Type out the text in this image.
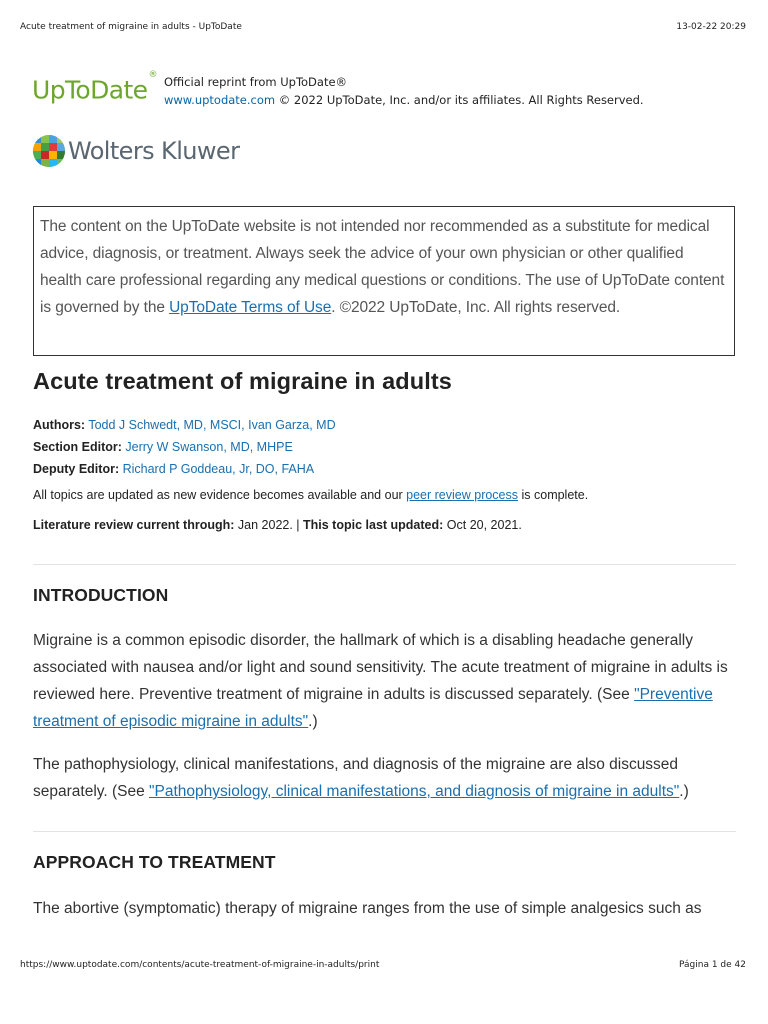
Acute treatment of migraine in adults - UpToDate	13-02-22 20:29
UpToDate® Official reprint from UpToDate®
www.uptodate.com © 2022 UpToDate, Inc. and/or its affiliates. All Rights Reserved.
Wolters Kluwer
The content on the UpToDate website is not intended nor recommended as a substitute for medical advice, diagnosis, or treatment. Always seek the advice of your own physician or other qualified health care professional regarding any medical questions or conditions. The use of UpToDate content is governed by the UpToDate Terms of Use. ©2022 UpToDate, Inc. All rights reserved.
Acute treatment of migraine in adults
Authors: Todd J Schwedt, MD, MSCI, Ivan Garza, MD
Section Editor: Jerry W Swanson, MD, MHPE
Deputy Editor: Richard P Goddeau, Jr, DO, FAHA
All topics are updated as new evidence becomes available and our peer review process is complete.
Literature review current through: Jan 2022. | This topic last updated: Oct 20, 2021.
INTRODUCTION

Migraine is a common episodic disorder, the hallmark of which is a disabling headache generally associated with nausea and/or light and sound sensitivity. The acute treatment of migraine in adults is reviewed here. Preventive treatment of migraine in adults is discussed separately. (See "Preventive treatment of episodic migraine in adults".)

The pathophysiology, clinical manifestations, and diagnosis of the migraine are also discussed separately. (See "Pathophysiology, clinical manifestations, and diagnosis of migraine in adults".)

APPROACH TO TREATMENT

The abortive (symptomatic) therapy of migraine ranges from the use of simple analgesics such as

https://www.uptodate.com/contents/acute-treatment-of-migraine-in-adults/print	Página 1 de 42
